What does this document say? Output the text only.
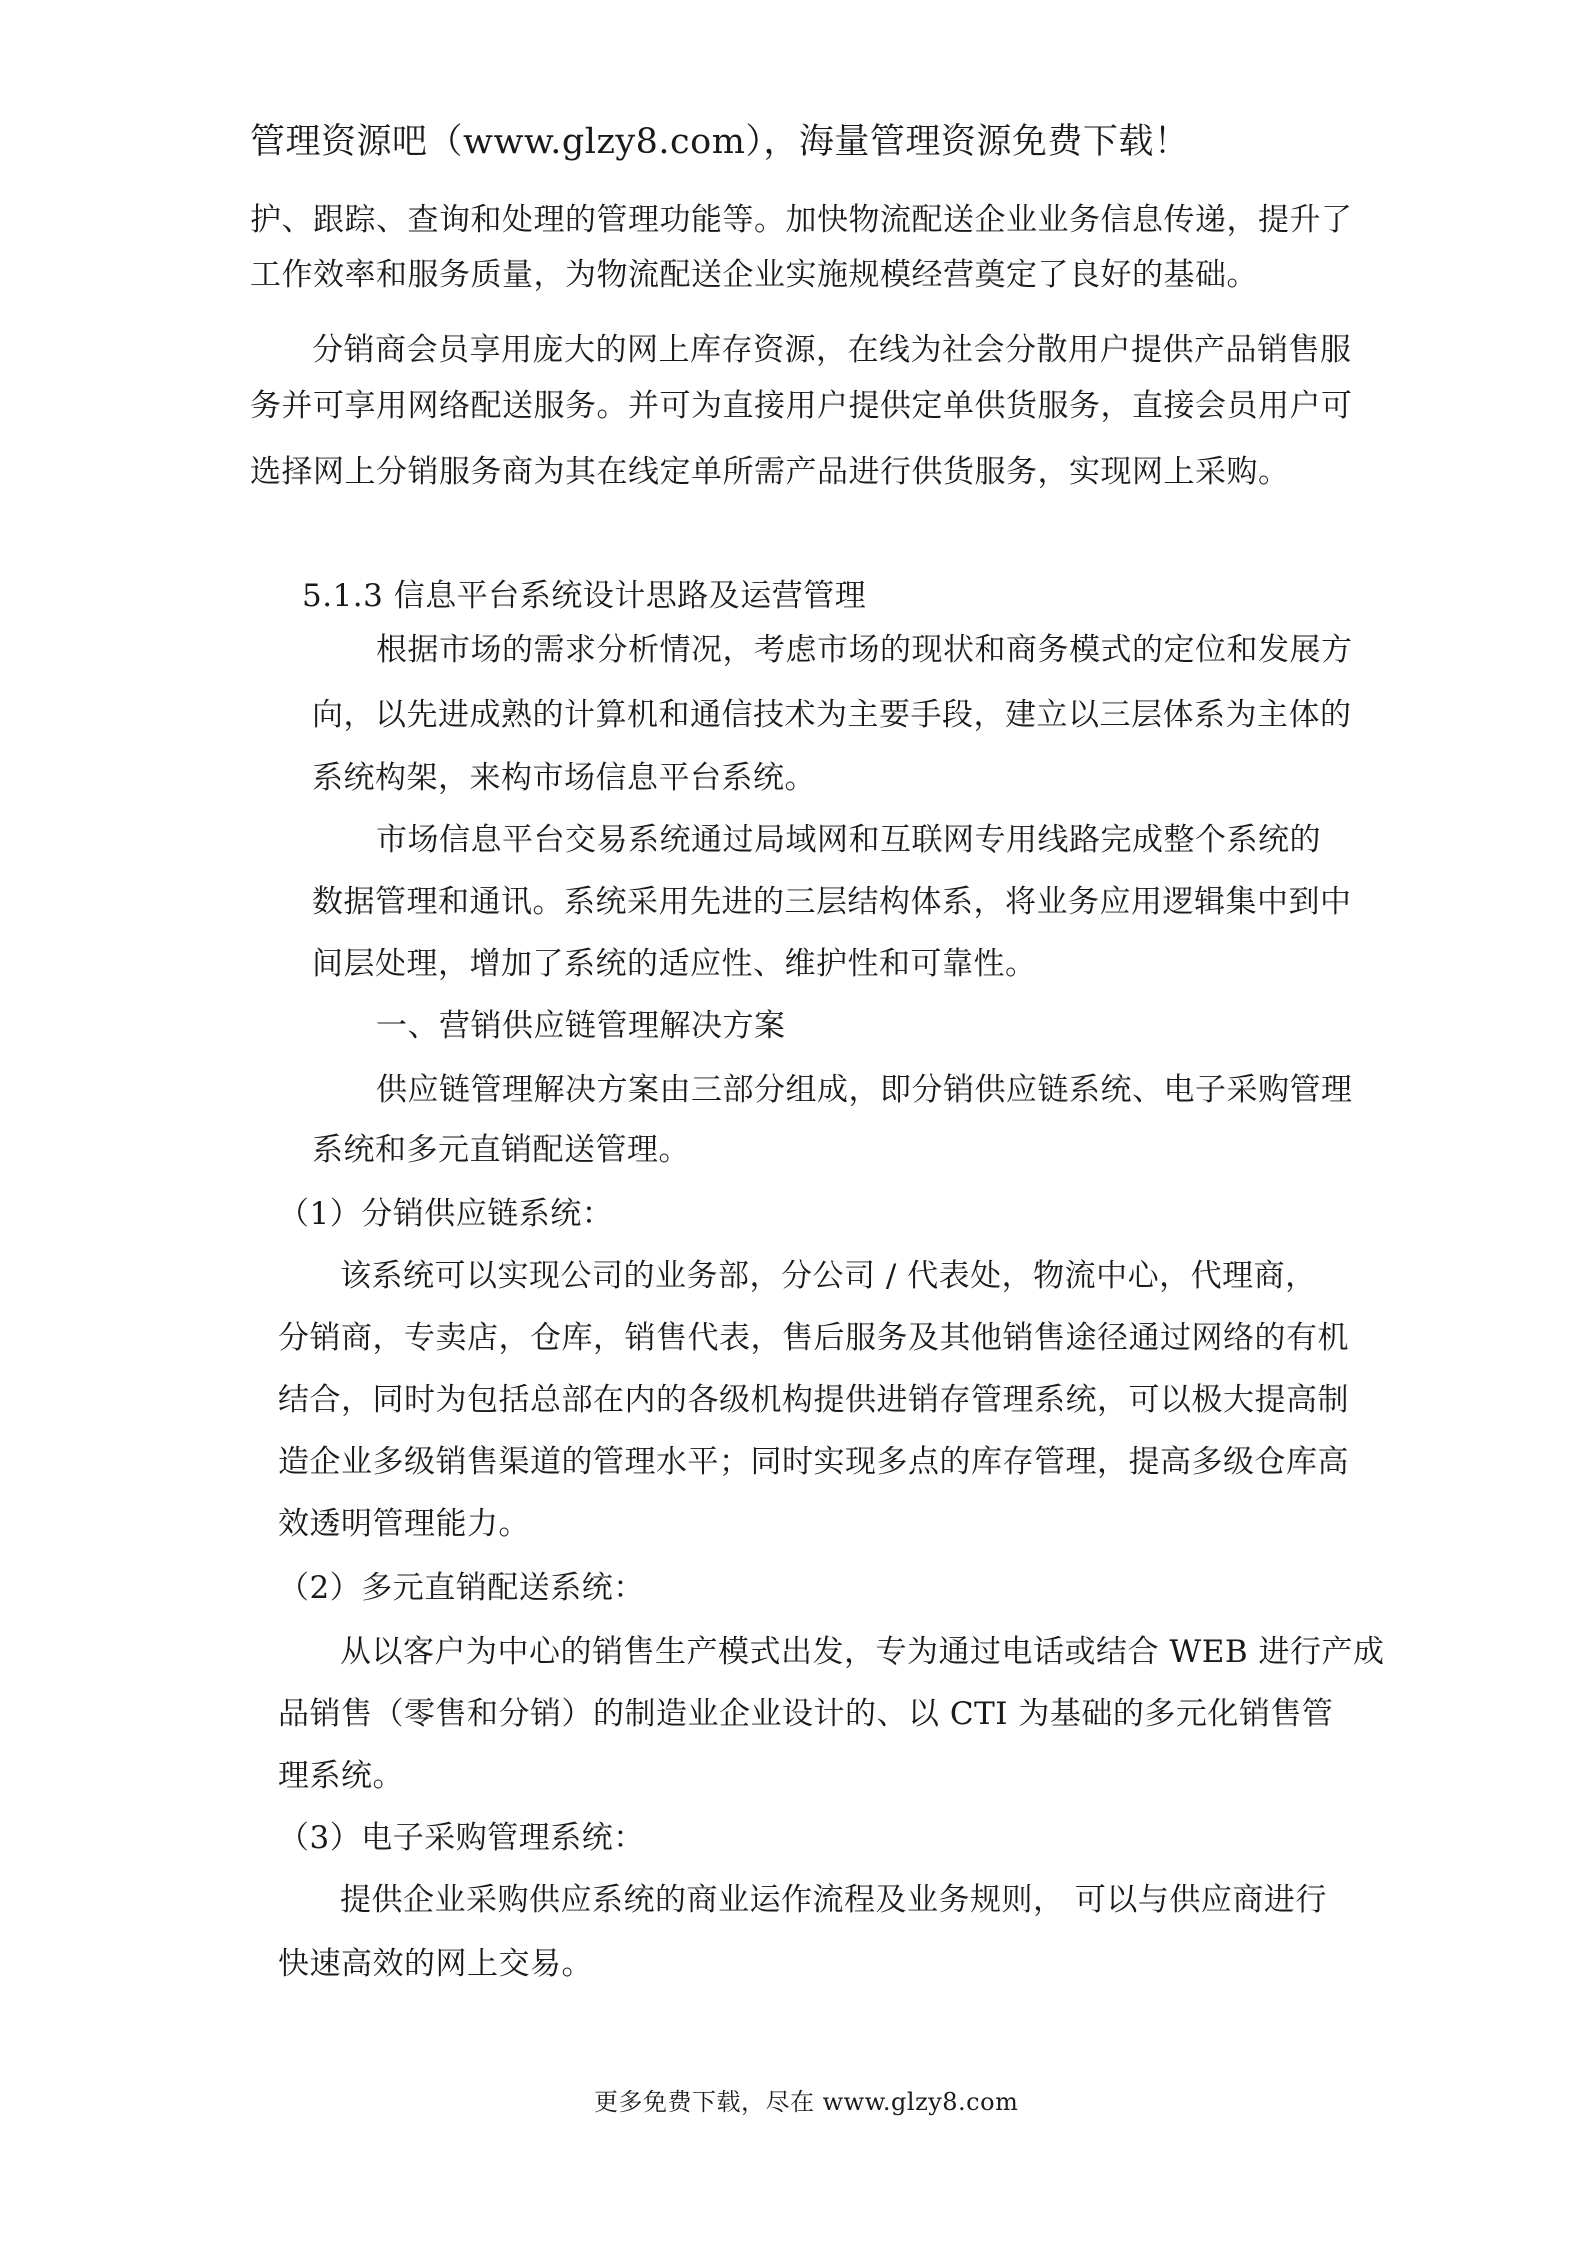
管理资源吧（www.glzy8.com），海量管理资源免费下载！
护、跟踪、查询和处理的管理功能等。加快物流配送企业业务信息传递，提升了
工作效率和服务质量，为物流配送企业实施规模经营奠定了良好的基础。
分销商会员享用庞大的网上库存资源，在线为社会分散用户提供产品销售服
务并可享用网络配送服务。并可为直接用户提供定单供货服务，直接会员用户可
选择网上分销服务商为其在线定单所需产品进行供货服务，实现网上采购。
5.1.3 信息平台系统设计思路及运营管理
根据市场的需求分析情况，考虑市场的现状和商务模式的定位和发展方
向，以先进成熟的计算机和通信技术为主要手段，建立以三层体系为主体的
系统构架，来构市场信息平台系统。
市场信息平台交易系统通过局域网和互联网专用线路完成整个系统的
数据管理和通讯。系统采用先进的三层结构体系，将业务应用逻辑集中到中
间层处理，增加了系统的适应性、维护性和可靠性。
一、营销供应链管理解决方案
供应链管理解决方案由三部分组成，即分销供应链系统、电子采购管理
系统和多元直销配送管理。
（1）分销供应链系统：
该系统可以实现公司的业务部，分公司 / 代表处，物流中心，代理商，
分销商，专卖店，仓库，销售代表，售后服务及其他销售途径通过网络的有机
结合，同时为包括总部在内的各级机构提供进销存管理系统，可以极大提高制
造企业多级销售渠道的管理水平；同时实现多点的库存管理，提高多级仓库高
效透明管理能力。
（2）多元直销配送系统：
从以客户为中心的销售生产模式出发，专为通过电话或结合 WEB 进行产成
品销售（零售和分销）的制造业企业设计的、以 CTI 为基础的多元化销售管
理系统。
（3）电子采购管理系统：
提供企业采购供应系统的商业运作流程及业务规则， 可以与供应商进行
快速高效的网上交易。
更多免费下载，尽在 www.glzy8.com
